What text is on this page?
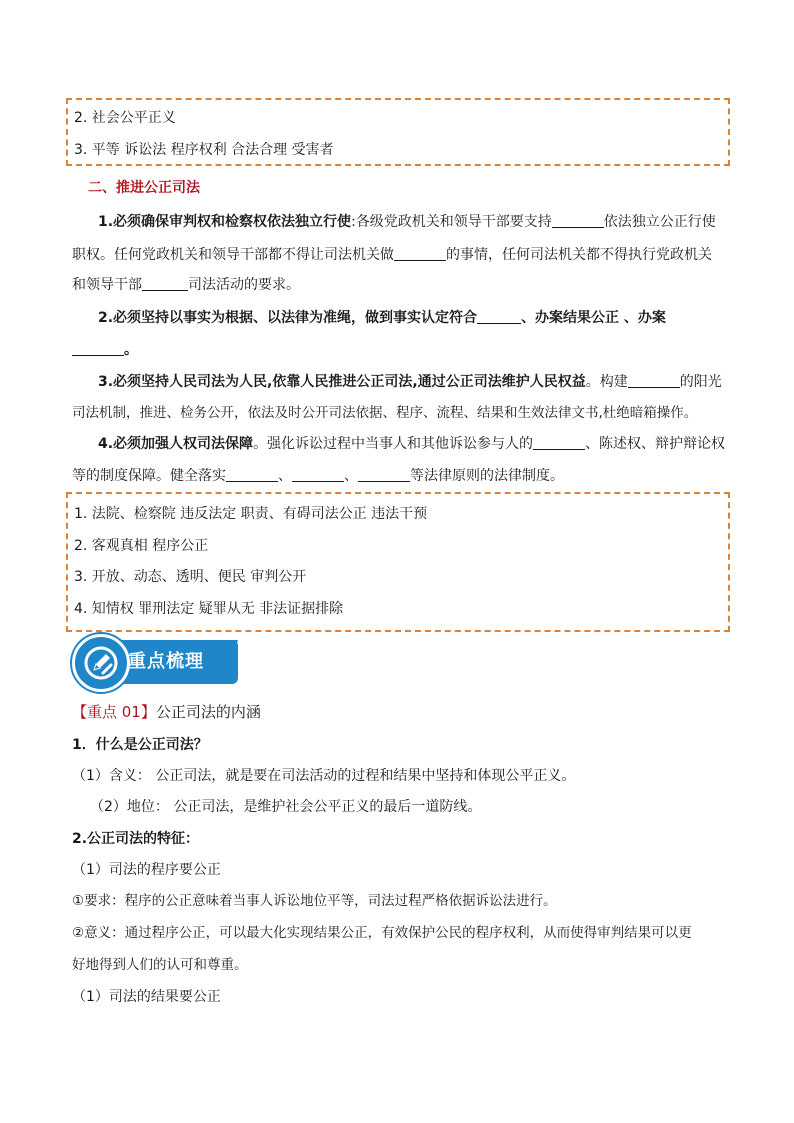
2. 社会公平正义
3. 平等 诉讼法 程序权利 合法合理 受害者
二、推进公正司法
1.必须确保审判权和检察权依法独立行使:各级党政机关和领导干部要支持	依法独立公正行使
职权。任何党政机关和领导干部都不得让司法机关做	的事情，任何司法机关都不得执行党政机关
和领导干部	司法活动的要求。
2.必须坚持以事实为根据、以法律为准绳，做到事实认定符合	、办案结果公正 、办案
。
3.必须坚持人民司法为人民,依靠人民推进公正司法,通过公正司法维护人民权益。构建	的阳光
司法机制，推进、检务公开，依法及时公开司法依据、程序、流程、结果和生效法律文书,杜绝暗箱操作。
4.必须加强人权司法保障。强化诉讼过程中当事人和其他诉讼参与人的	、陈述权、辩护辩论权
等的制度保障。健全落实	、	、	等法律原则的法律制度。
1. 法院、检察院 违反法定 职责、有碍司法公正 违法干预
2. 客观真相 程序公正
3. 开放、动态、透明、便民 审判公开
4. 知情权 罪刑法定 疑罪从无 非法证据排除
重点梳理
【重点 01】公正司法的内涵
1．什么是公正司法？
（1）含义： 公正司法，就是要在司法活动的过程和结果中坚持和体现公平正义。
（2）地位： 公正司法，是维护社会公平正义的最后一道防线。
2.公正司法的特征：
（1）司法的程序要公正
①要求：程序的公正意味着当事人诉讼地位平等，司法过程严格依据诉讼法进行。
②意义：通过程序公正，可以最大化实现结果公正，有效保护公民的程序权利，从而使得审判结果可以更
好地得到人们的认可和尊重。
（1）司法的结果要公正
